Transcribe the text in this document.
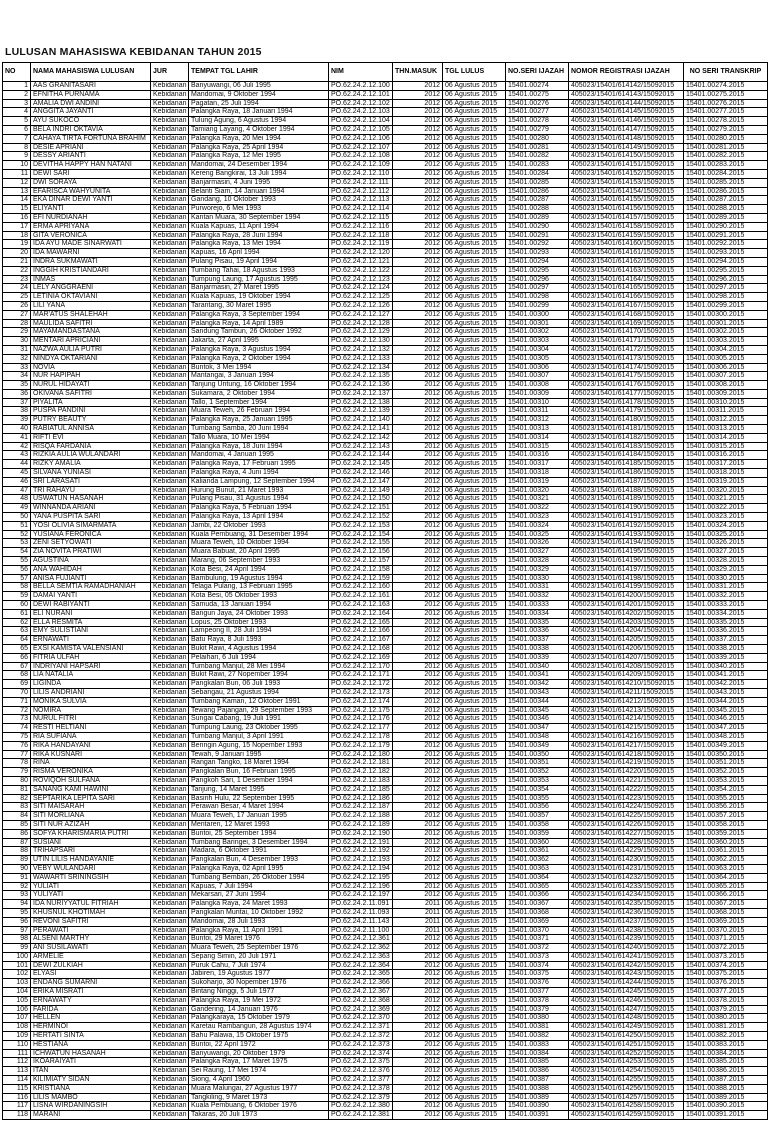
LULUSAN MAHASISWA KEBIDANAN TAHUN 2015
NO	NAMA MAHASISWA LULUSAN	JUR	TEMPAT TGL LAHIR	NIM	THN.MASUK	TGL LULUS	NO.SERI IJAZAH	NOMOR REGISTRASI IJAZAH	NO SERI TRANSKRIP
1	AAS GRANITASARI	Kebidanan	Banyuwangi, 06 Juli 1995	PO.62.24.2.12.100	2012	06 Agustus 2015	15401.00274	405023/15401/614142/15092015	15401.00274.2015
2	EFNITHA PURNAMA	Kebidanan	Mandomai, 9 Oktober 1994	PO.62.24.2.12.101	2012	06 Agustus 2015	15401.00275	405023/15401/614143/15092015	15401.00275.2015
3	AMALIA DWI ANDINI	Kebidanan	Pagatan, 25 Juli 1994	PO.62.24.2.12.102	2012	06 Agustus 2015	15401.00276	405023/15401/614144/15092015	15401.00276.2015
4	ANGGITA JAYANTI	Kebidanan	Palangka Raya, 18 Januari 1994	PO.62.24.2.12.103	2012	06 Agustus 2015	15401.00277	405023/15401/614145/15092015	15401.00277.2015
5	AYU SUKOCO	Kebidanan	Tulung Agung, 6 Agustus 1994	PO.62.24.2.12.104	2012	06 Agustus 2015	15401.00278	405023/15401/614146/15092015	15401.00278.2015
6	BELA INDRI OKTAVIA	Kebidanan	Tamiang Layang, 4 Oktober 1994	PO.62.24.2.12.105	2012	06 Agustus 2015	15401.00279	405023/15401/614147/15092015	15401.00279.2015
7	CAHAYA TIRTA FORTUNA BRAHIM	Kebidanan	Palangka Raya, 20 Mei 1994	PO.62.24.2.12.106	2012	06 Agustus 2015	15401.00280	405023/15401/614148/15092015	15401.00280.2015
8	DESIE APRIANI	Kebidanan	Palangka Raya, 25 April 1994	PO.62.24.2.12.107	2012	06 Agustus 2015	15401.00281	405023/15401/614149/15092015	15401.00281.2015
9	DESSY ARIANTI	Kebidanan	Palangka Raya, 12 Mei 1995	PO.62.24.2.12.108	2012	06 Agustus 2015	15401.00282	405023/15401/614150/15092015	15401.00282.2015
10	DEVITHA HAPPY HAN NATANI	Kebidanan	Mandomai, 24 Desember 1994	PO.62.24.2.12.109	2012	06 Agustus 2015	15401.00283	405023/15401/614151/15092015	15401.00283.2015
11	DEWI SARI	Kebidanan	Kereng Bangkirai, 13 Juli 1994	PO.62.24.2.12.110	2012	06 Agustus 2015	15401.00284	405023/15401/614152/15092015	15401.00284.2015
12	DWI SORAYA	Kebidanan	Banjarmasin, 4 Juni 1995	PO.62.24.2.12.111	2012	06 Agustus 2015	15401.00285	405023/15401/614153/15092015	15401.00285.2015
13	EFARISCA WAHYUNITA	Kebidanan	Belanti Siam, 14 Januari 1994	PO.62.24.2.12.112	2012	06 Agustus 2015	15401.00286	405023/15401/614154/15092015	15401.00286.2015
14	EKA DINAR DEWI YANTI	Kebidanan	Gandang, 10 Oktober 1993	PO.62.24.2.12.113	2012	06 Agustus 2015	15401.00287	405023/15401/614155/15092015	15401.00287.2015
15	ELIYANTI	Kebidanan	Purworejo, 6 Mei 1993	PO.62.24.2.12.114	2012	06 Agustus 2015	15401.00288	405023/15401/614156/15092015	15401.00288.2015
16	EFI NURDIANAH	Kebidanan	Kantan Muara, 30 September 1994	PO.62.24.2.12.115	2012	06 Agustus 2015	15401.00289	405023/15401/614157/15092015	15401.00289.2015
17	ERMA APRIYANA	Kebidanan	Kuala Kapuas, 11 April 1994	PO.62.24.2.12.116	2012	06 Agustus 2015	15401.00290	405023/15401/614158/15092015	15401.00290.2015
18	GITA VERONICA	Kebidanan	Palangka Raya, 28 Juni 1994	PO.62.24.2.12.118	2012	06 Agustus 2015	15401.00291	405023/15401/614159/15092015	15401.00291.2015
19	IDA AYU MADE SINARWATI	Kebidanan	Palangka Raya, 13 Mei 1994	PO.62.24.2.12.119	2012	06 Agustus 2015	15401.00292	405023/15401/614160/15092015	15401.00292.2015
20	IDA MAWARNI	Kebidanan	Kapuas, 16 April 1994	PO.62.24.2.12.120	2012	06 Agustus 2015	15401.00293	405023/15401/614161/15092015	15401.00293.2015
21	INDRA SUKMAWATI	Kebidanan	Pulang Pisau, 19 April 1994	PO.62.24.2.12.121	2012	06 Agustus 2015	15401.00294	405023/15401/614162/15092015	15401.00294.2015
22	INGGIH KRISTIANDARI	Kebidanan	Tumbang Tahai, 18 Agustus 1993	PO.62.24.2.12.122	2012	06 Agustus 2015	15401.00295	405023/15401/614163/15092015	15401.00295.2015
23	INMAS	Kebidanan	Tumpung Laung, 17 Agustus 1995	PO.62.24.2.12.123	2012	06 Agustus 2015	15401.00296	405023/15401/614164/15092015	15401.00296.2015
24	LELY ANGGRAENI	Kebidanan	Banjarmasin, 27 Maret 1995	PO.62.24.2.12.124	2012	06 Agustus 2015	15401.00297	405023/15401/614165/15092015	15401.00297.2015
25	LETINIA OKTAVIANI	Kebidanan	Kuala Kapuas, 19 Oktober 1994	PO.62.24.2.12.125	2012	06 Agustus 2015	15401.00298	405023/15401/614166/15092015	15401.00298.2015
26	LILI YANA	Kebidanan	Tarantang, 30 Maret 1995	PO.62.24.2.12.126	2012	06 Agustus 2015	15401.00299	405023/15401/614167/15092015	15401.00299.2015
27	MAR'ATUS SHALEHAH	Kebidanan	Palangka Raya, 3 September 1994	PO.62.24.2.12.127	2012	06 Agustus 2015	15401.00300	405023/15401/614168/15092015	15401.00300.2015
28	MAULIDA SAFITRI	Kebidanan	Palangka Raya, 14 April 1989	PO.62.24.2.12.128	2012	06 Agustus 2015	15401.00301	405023/15401/614169/15092015	15401.00301.2015
29	MAYAMANDASTANA	Kebidanan	Sandung Tambun, 26 Oktober 1992	PO.62.24.2.12.129	2012	06 Agustus 2015	15401.00302	405023/15401/614170/15092015	15401.00302.2015
30	MENTARI APRICIANI	Kebidanan	Jakarta, 27 April 1995	PO.62.24.2.12.130	2012	06 Agustus 2015	15401.00303	405023/15401/614171/15092015	15401.00303.2015
31	NAZWA AULIA PUTRI	Kebidanan	Palangka Raya, 3 Agustus 1994	PO.62.24.2.12.132	2012	06 Agustus 2015	15401.00304	405023/15401/614172/15092015	15401.00304.2015
32	NINDYA OKTARIANI	Kebidanan	Palangka Raya, 2 Oktober 1994	PO.62.24.2.12.133	2012	06 Agustus 2015	15401.00305	405023/15401/614173/15092015	15401.00305.2015
33	NOVIA	Kebidanan	Buntok, 3 Mei 1994	PO.62.24.2.12.134	2012	06 Agustus 2015	15401.00306	405023/15401/614174/15092015	15401.00306.2015
34	NUR HAPIPAH	Kebidanan	Mantangai, 3 Januari 1994	PO.62.24.2.12.135	2012	06 Agustus 2015	15401.00307	405023/15401/614175/15092015	15401.00307.2015
35	NURUL HIDAYATI	Kebidanan	Tanjung Untung, 16 Oktober 1994	PO.62.24.2.12.136	2012	06 Agustus 2015	15401.00308	405023/15401/614176/15092015	15401.00308.2015
36	OKIVANA SAFITRI	Kebidanan	Sukamara, 2 Oktober 1994	PO.62.24.2.12.137	2012	06 Agustus 2015	15401.00309	405023/15401/614177/15092015	15401.00309.2015
37	PIYALITA	Kebidanan	Tallo, 1 September 1994	PO.62.24.2.12.138	2012	06 Agustus 2015	15401.00310	405023/15401/614178/15092015	15401.00310.2015
38	PUSPA PANDINI	Kebidanan	Muara Teweh, 26 Februari 1994	PO.62.24.2.12.139	2012	06 Agustus 2015	15401.00311	405023/15401/614179/15092015	15401.00311.2015
39	PUTRY BEAUTY	Kebidanan	Palangka Raya, 25 Januari 1995	PO.62.24.2.12.140	2012	06 Agustus 2015	15401.00312	405023/15401/614180/15092015	15401.00312.2015
40	RABIATUL ANNISA	Kebidanan	Tumbang Samba, 20 Juni 1994	PO.62.24.2.12.141	2012	06 Agustus 2015	15401.00313	405023/15401/614181/15092015	15401.00313.2015
41	RIFTI EVI	Kebidanan	Tallo Muara, 10 Mei 1994	PO.62.24.2.12.142	2012	06 Agustus 2015	15401.00314	405023/15401/614182/15092015	15401.00314.2015
42	RISQA FARDANIA	Kebidanan	Palangka Raya, 18 Juni 1994	PO.62.24.2.12.143	2012	06 Agustus 2015	15401.00315	405023/15401/614183/15092015	15401.00315.2015
43	RIZKIA AULIA WULANDARI	Kebidanan	Mandomai, 4 Januari 1995	PO.62.24.2.12.144	2012	06 Agustus 2015	15401.00316	405023/15401/614184/15092015	15401.00316.2015
44	RIZKY AMALIA	Kebidanan	Palangka Raya, 17 Februari 1995	PO.62.24.2.12.145	2012	06 Agustus 2015	15401.00317	405023/15401/614185/15092015	15401.00317.2015
45	SILVANA YUNIASI	Kebidanan	Palangka Raya, 4 Juni 1994	PO.62.24.2.12.146	2012	06 Agustus 2015	15401.00318	405023/15401/614186/15092015	15401.00318.2015
46	SRI LARASATI	Kebidanan	Kalianda Lampung, 12 September 1994	PO.62.24.2.12.147	2012	06 Agustus 2015	15401.00319	405023/15401/614187/15092015	15401.00319.2015
47	TRI RAHAYU	Kebidanan	Hurung Bunut, 21 Maret 1993	PO.62.24.2.12.149	2012	06 Agustus 2015	15401.00320	405023/15401/614188/15092015	15401.00320.2015
48	USWATUN HASANAH	Kebidanan	Pulang Pisau, 31 Agustus 1994	PO.62.24.2.12.150	2012	06 Agustus 2015	15401.00321	405023/15401/614189/15092015	15401.00321.2015
49	WINNANDA ARIANI	Kebidanan	Palangka Raya, 5 Februari 1994	PO.62.24.2.12.151	2012	06 Agustus 2015	15401.00322	405023/15401/614190/15092015	15401.00322.2015
50	YANA PUSPITA SARI	Kebidanan	Palangka Raya, 13 April 1994	PO.62.24.2.12.152	2012	06 Agustus 2015	15401.00323	405023/15401/614191/15092015	15401.00323.2015
51	YOSI OLIVIA SIMARMATA	Kebidanan	Jambi, 22 Oktober 1993	PO.62.24.2.12.153	2012	06 Agustus 2015	15401.00324	405023/15401/614192/15092015	15401.00324.2015
52	YUSIANA FERONICA	Kebidanan	Kuala Pembuang, 31 Desember 1994	PO.62.24.2.12.154	2012	06 Agustus 2015	15401.00325	405023/15401/614193/15092015	15401.00325.2015
53	ZENI SETYOWATI	Kebidanan	Muara Teweh, 10 Oktober 1994	PO.62.24.2.12.155	2012	06 Agustus 2015	15401.00326	405023/15401/614194/15092015	15401.00326.2015
54	ZIA NOVITA PRATIWI	Kebidanan	Muara Babuat, 20 April 1995	PO.62.24.2.12.156	2012	06 Agustus 2015	15401.00327	405023/15401/614195/15092015	15401.00327.2015
55	AGUSTINA	Kebidanan	Marang, 06 September 1993	PO.62.24.2.12.157	2012	06 Agustus 2015	15401.00328	405023/15401/614196/15092015	15401.00328.2015
56	ANA WAHIDAH	Kebidanan	Kota Besi, 24 April 1994	PO.62.24.2.12.158	2012	06 Agustus 2015	15401.00329	405023/15401/614197/15092015	15401.00329.2015
57	ANISA FUJIANTI	Kebidanan	Bambulung, 19 Agustus 1994	PO.62.24.2.12.159	2012	06 Agustus 2015	15401.00330	405023/15401/614198/15092015	15401.00330.2015
58	BELLA SEMTIA RAMADHANIAH	Kebidanan	Telaga Pulang, 13 Februari 1995	PO.62.24.2.12.160	2012	06 Agustus 2015	15401.00331	405023/15401/614199/15092015	15401.00331.2015
59	DAMAI YANTI	Kebidanan	Kota Besi, 05 Oktober 1993	PO.62.24.2.12.161	2012	06 Agustus 2015	15401.00332	405023/15401/614200/15092015	15401.00332.2015
60	DEWI RABIYANTI	Kebidanan	Samuda, 13 Januari 1994	PO.62.24.2.12.163	2012	06 Agustus 2015	15401.00333	405023/15401/614201/15092015	15401.00333.2015
61	ELI NURANI	Kebidanan	Bangun Jaya, 24 Oktober 1993	PO.62.24.2.12.164	2012	06 Agustus 2015	15401.00334	405023/15401/614202/15092015	15401.00334.2015
62	ELLA RESMITA	Kebidanan	Lopus, 25 Oktober 1993	PO.62.24.2.12.165	2012	06 Agustus 2015	15401.00335	405023/15401/614203/15092015	15401.00335.2015
63	EMY SULISTIANI	Kebidanan	Lampeong II, 28 Juli 1994	PO.62.24.2.12.166	2012	06 Agustus 2015	15401.00336	405023/15401/614204/15092015	15401.00336.2015
64	ERNAWATI	Kebidanan	Batu Raya, 8 Juli 1993	PO.62.24.2.12.167	2012	06 Agustus 2015	15401.00337	405023/15401/614205/15092015	15401.00337.2015
65	EXSI KAMISTA VALENSIANI	Kebidanan	Bukit Rawi, 4 Agustus 1994	PO.62.24.2.12.168	2012	06 Agustus 2015	15401.00338	405023/15401/614206/15092015	15401.00338.2015
66	FITRIA ULFAH	Kebidanan	Pelaihari, 6 Juli 1994	PO.62.24.2.12.169	2012	06 Agustus 2015	15401.00339	405023/15401/614207/15092015	15401.00339.2015
67	INDRIYANI HAPSARI	Kebidanan	Tumbang Manjul, 28 Mei 1994	PO.62.24.2.12.170	2012	06 Agustus 2015	15401.00340	405023/15401/614208/15092015	15401.00340.2015
68	LIA NATALIA	Kebidanan	Bukit Rawi, 27 Nopember 1994	PO.62.24.2.12.171	2012	06 Agustus 2015	15401.00341	405023/15401/614209/15092015	15401.00341.2015
69	LIGINDA	Kebidanan	Pangkalan Bun, 06 Juli 1993	PO.62.24.2.12.172	2012	06 Agustus 2015	15401.00342	405023/15401/614210/15092015	15401.00342.2015
70	LILIS ANDRIANI	Kebidanan	Sebangau, 21 Agustus 1994	PO.62.24.2.12.173	2012	06 Agustus 2015	15401.00343	405023/15401/614211/15092015	15401.00343.2015
71	MONIKA SULVIA	Kebidanan	Tumbang Kaman, 12 Oktober 1991	PO.62.24.2.12.174	2012	06 Agustus 2015	15401.00344	405023/15401/614212/15092015	15401.00344.2015
72	NOMIRA	Kebidanan	Tewang Pajangan, 29 September 1993	PO.62.24.2.12.175	2012	06 Agustus 2015	15401.00345	405023/15401/614213/15092015	15401.00345.2015
73	NURUL FITRI	Kebidanan	Sungai Cabang, 19 Juli 1991	PO.62.24.2.12.176	2012	06 Agustus 2015	15401.00346	405023/15401/614214/15092015	15401.00346.2015
74	RESTI HELTIANI	Kebidanan	Tumpung Laung, 23 Oktober 1995	PO.62.24.2.12.177	2012	06 Agustus 2015	15401.00347	405023/15401/614215/15092015	15401.00347.2015
75	RIA SUFIANA	Kebidanan	Tumbang Manjul, 3 April 1991	PO.62.24.2.12.178	2012	06 Agustus 2015	15401.00348	405023/15401/614216/15092015	15401.00348.2015
76	RIKA HANDAYANI	Kebidanan	Beringin Agung, 15 Nopember 1993	PO.62.24.2.12.179	2012	06 Agustus 2015	15401.00349	405023/15401/614217/15092015	15401.00349.2015
77	RIKA KUSNARI	Kebidanan	Tewah, 9 Januari 1995	PO.62.24.2.12.180	2012	06 Agustus 2015	15401.00350	405023/15401/614218/15092015	15401.00350.2015
78	RINA	Kebidanan	Rangan Tangko, 18 Maret 1994	PO.62.24.2.12.181	2012	06 Agustus 2015	15401.00351	405023/15401/614219/15092015	15401.00351.2015
79	RISMA VERONIKA	Kebidanan	Pangkalan Bun, 16 Februari 1995	PO.62.24.2.12.182	2012	06 Agustus 2015	15401.00352	405023/15401/614220/15092015	15401.00352.2015
80	ROVIQOH SULFANA	Kebidanan	Pangkoh Sari, 1 Desember 1994	PO.62.24.2.12.183	2012	06 Agustus 2015	15401.00353	405023/15401/614221/15092015	15401.00353.2015
81	SANANG KAMI HAWINI	Kebidanan	Tanjung, 14 Maret 1995	PO.62.24.2.12.185	2012	06 Agustus 2015	15401.00354	405023/15401/614222/15092015	15401.00354.2015
82	SEPTARIKA LEPITA SARI	Kebidanan	Basirih Hulu, 22 September 1995	PO.62.24.2.12.186	2012	06 Agustus 2015	15401.00355	405023/15401/614223/15092015	15401.00355.2015
83	SITI MAISARAH	Kebidanan	Perawan Besar, 4 Maret 1994	PO.62.24.2.12.187	2012	06 Agustus 2015	15401.00356	405023/15401/614224/15092015	15401.00356.2015
84	SITI MORLIANA	Kebidanan	Muara Teweh, 17 Januari 1995	PO.62.24.2.12.188	2012	06 Agustus 2015	15401.00357	405023/15401/614225/15092015	15401.00357.2015
85	SITI NUR AZIZAH	Kebidanan	Mentaren, 12 Maret 1993	PO.62.24.2.12.189	2012	06 Agustus 2015	15401.00358	405023/15401/614226/15092015	15401.00358.2015
86	SOFYA KHARISMARIA PUTRI	Kebidanan	Buntoi, 25 September 1994	PO.62.24.2.12.190	2012	06 Agustus 2015	15401.00359	405023/15401/614227/15092015	15401.00359.2015
87	SUSIANI	Kebidanan	Tumbang Baringei, 3 Desember 1994	PO.62.24.2.12.191	2012	06 Agustus 2015	15401.00360	405023/15401/614228/15092015	15401.00360.2015
88	TRIHAPSARI	Kebidanan	Madara, 6 Oktober 1991	PO.62.24.2.12.192	2012	06 Agustus 2015	15401.00361	405023/15401/614229/15092015	15401.00361.2015
89	UTIN LILIS HANDAYANIE	Kebidanan	Pangkalan Bun, 4 Desember 1993	PO.62.24.2.12.193	2012	06 Agustus 2015	15401.00362	405023/15401/614230/15092015	15401.00362.2015
90	VEBY WULANDARI	Kebidanan	Palangka Raya, 02 April 1995	PO.62.24.2.12.194	2012	06 Agustus 2015	15401.00363	405023/15401/614231/15092015	15401.00363.2015
91	WAWARTI SRININGSIH	Kebidanan	Tumbang Bemban, 26 Oktober 1994	PO.62.24.2.12.195	2012	06 Agustus 2015	15401.00364	405023/15401/614232/15092015	15401.00364.2015
92	YULIATI	Kebidanan	Kapuas, 7 Juli 1994	PO.62.24.2.12.196	2012	06 Agustus 2015	15401.00365	405023/15401/614233/15092015	15401.00365.2015
93	YULIYATI	Kebidanan	Mekarsari, 27 Juni 1994	PO.62.24.2.12.197	2012	06 Agustus 2015	15401.00366	405023/15401/614234/15092015	15401.00366.2015
94	IDA NURIYYATUL FITRIAH	Kebidanan	Palangka Raya, 24 Maret 1993	PO.62.24.2.11.091	2011	06 Agustus 2015	15401.00367	405023/15401/614235/15092015	15401.00367.2015
95	KHUSNUL KHOTIMAH	Kebidanan	Pangkalan Muntai, 10 Oktober 1992	PO.62.24.2.11.093	2011	06 Agustus 2015	15401.00368	405023/15401/614236/15092015	15401.00368.2015
96	REVONI SAFITRI	Kebidanan	Mandomai, 28 Juli 1993	PO.62.24.2.11.143	2011	06 Agustus 2015	15401.00369	405023/15401/614237/15092015	15401.00369.2015
97	PERAWATI	Kebidanan	Palangka Raya, 11 April 1991	PO.62.24.2.11.100	2011	06 Agustus 2015	15401.00370	405023/15401/614238/15092015	15401.00370.2015
98	ALSENI MARTHY	Kebidanan	Buntoi, 29 Maret 1976	PO.62.24.2.12.361	2012	06 Agustus 2015	15401.00371	405023/15401/614239/15092015	15401.00371.2015
99	ANI SUSILAWATI	Kebidanan	Muara Teweh, 25 September 1976	PO.62.24.2.12.362	2012	06 Agustus 2015	15401.00372	405023/15401/614240/15092015	15401.00372.2015
100	ARMELIE	Kebidanan	Sepang Simin, 20 Juli 1971	PO.62.24.2.12.363	2012	06 Agustus 2015	15401.00373	405023/15401/614241/15092015	15401.00373.2015
101	DEWI ZULKIAH	Kebidanan	Puruk Cahu, 7 Juli 1974	PO.62.24.2.12.364	2012	06 Agustus 2015	15401.00374	405023/15401/614242/15092015	15401.00374.2015
102	ELYASI	Kebidanan	Jabiren, 19 Agustus 1977	PO.62.24.2.12.365	2012	06 Agustus 2015	15401.00375	405023/15401/614243/15092015	15401.00375.2015
103	ENDANG SUMARNI	Kebidanan	Sukoharjo, 30 Nopember 1976	PO.62.24.2.12.366	2012	06 Agustus 2015	15401.00376	405023/15401/614244/15092015	15401.00376.2015
104	ERIKA MISRATI	Kebidanan	Bintang Ninggi, 5 Juli 1977	PO.62.24.2.12.367	2012	06 Agustus 2015	15401.00377	405023/15401/614245/15092015	15401.00377.2015
105	ERNAWATY	Kebidanan	Palangka Raya, 19 Mei 1972	PO.62.24.2.12.368	2012	06 Agustus 2015	15401.00378	405023/15401/614246/15092015	15401.00378.2015
106	FARIDA	Kebidanan	Gandering, 14 Januari 1976	PO.62.24.2.12.369	2012	06 Agustus 2015	15401.00379	405023/15401/614247/15092015	15401.00379.2015
107	HELLEN	Kebidanan	Palangkaraya, 15 Oktober 1979	PO.62.24.2.12.370	2012	06 Agustus 2015	15401.00380	405023/15401/614248/15092015	15401.00380.2015
108	HERMINOI	Kebidanan	Karetau Rambangun, 28 Agustus 1974	PO.62.24.2.12.371	2012	06 Agustus 2015	15401.00381	405023/15401/614249/15092015	15401.00381.2015
109	HERTATI SINTA	Kebidanan	Bahu Palawa, 15 Oktober 1975	PO.62.24.2.12.372	2012	06 Agustus 2015	15401.00382	405023/15401/614250/15092015	15401.00382.2015
110	HESTIANA	Kebidanan	Buntoi, 22 April 1972	PO.62.24.2.12.373	2012	06 Agustus 2015	15401.00383	405023/15401/614251/15092015	15401.00383.2015
111	ICHWATUN HASANAH	Kebidanan	Banyuwangi, 20 Oktober 1979	PO.62.24.2.12.374	2012	06 Agustus 2015	15401.00384	405023/15401/614252/15092015	15401.00384.2015
112	IKOARAIYATI	Kebidanan	Palangka Raya, 17 Maret 1975	PO.62.24.2.12.375	2012	06 Agustus 2015	15401.00385	405023/15401/614253/15092015	15401.00385.2015
113	ITAN	Kebidanan	Sei Raung, 17 Mei 1974	PO.62.24.2.12.376	2012	06 Agustus 2015	15401.00386	405023/15401/614254/15092015	15401.00386.2015
114	KILIMIATY SIDAN	Kebidanan	Siong, 4 April 1960	PO.62.24.2.12.377	2012	06 Agustus 2015	15401.00387	405023/15401/614255/15092015	15401.00387.2015
115	KRISTIANA	Kebidanan	Muara Malungai, 27 Agustus 1977	PO.62.24.2.12.378	2012	06 Agustus 2015	15401.00388	405023/15401/614256/15092015	15401.00388.2015
116	LILIS MAMBO	Kebidanan	Tangkiling, 9 Maret 1973	PO.62.24.2.12.379	2012	06 Agustus 2015	15401.00389	405023/15401/614257/15092015	15401.00389.2015
117	LISNA WIRDANINGSIH	Kebidanan	Kuala Pembuang, 6 Oktober 1976	PO.62.24.2.12.380	2012	06 Agustus 2015	15401.00390	405023/15401/614258/15092015	15401.00390.2015
118	MARANI	Kebidanan	Takaras, 20 Juli 1973	PO.62.24.2.12.381	2012	06 Agustus 2015	15401.00391	405023/15401/614259/15092015	15401.00391.2015
